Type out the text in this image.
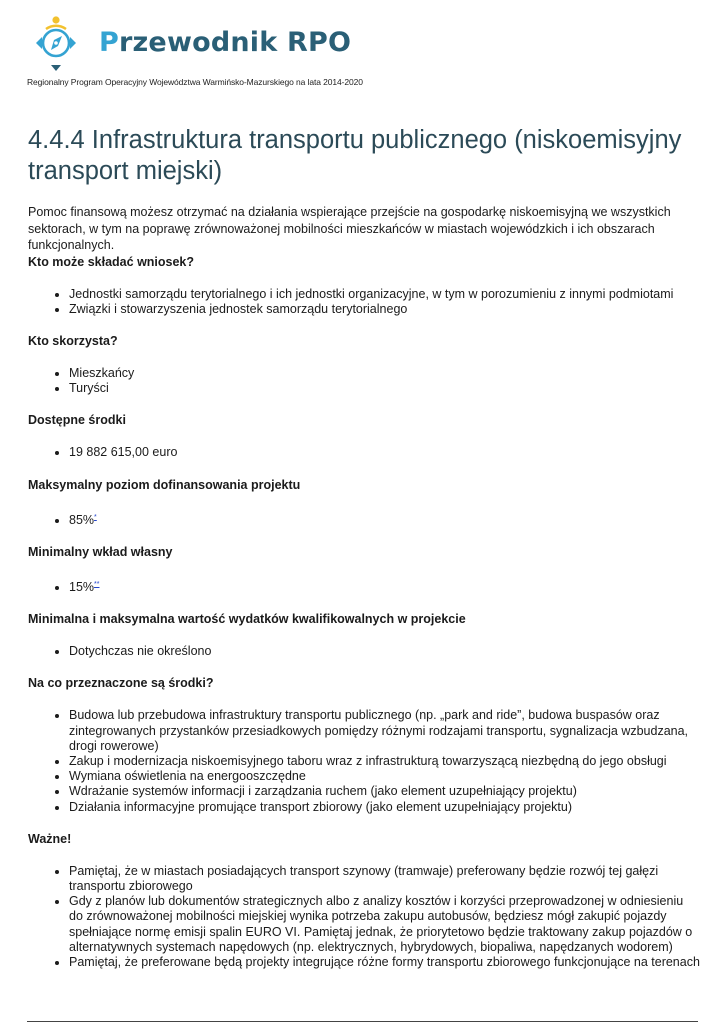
Przewodnik RPO
Regionalny Program Operacyjny Województwa Warmińsko-Mazurskiego na lata 2014-2020
4.4.4 Infrastruktura transportu publicznego (niskoemisyjny transport miejski)

Pomoc finansową możesz otrzymać na działania wspierające przejście na gospodarkę niskoemisyjną we wszystkich sektorach, w tym na poprawę zrównoważonej mobilności mieszkańców w miastach wojewódzkich i ich obszarach funkcjonalnych.

Kto może składać wniosek?
• Jednostki samorządu terytorialnego i ich jednostki organizacyjne, w tym w porozumieniu z innymi podmiotami
• Związki i stowarzyszenia jednostek samorządu terytorialnego
Kto skorzysta?
• Mieszkańcy
• Turyści
Dostępne środki
• 19 882 615,00 euro
Maksymalny poziom dofinansowania projektu
• 85%*
Minimalny wkład własny
• 15%**
Minimalna i maksymalna wartość wydatków kwalifikowalnych w projekcie
• Dotychczas nie określono
Na co przeznaczone są środki?
• Budowa lub przebudowa infrastruktury transportu publicznego (np. „park and ride”, budowa buspasów oraz zintegrowanych przystanków przesiadkowych pomiędzy różnymi rodzajami transportu, sygnalizacja wzbudzana, drogi rowerowe)
• Zakup i modernizacja niskoemisyjnego taboru wraz z infrastrukturą towarzyszącą niezbędną do jego obsługi
• Wymiana oświetlenia na energooszczędne
• Wdrażanie systemów informacji i zarządzania ruchem (jako element uzupełniający projektu)
• Działania informacyjne promujące transport zbiorowy (jako element uzupełniający projektu)
Ważne!
• Pamiętaj, że w miastach posiadających transport szynowy (tramwaje) preferowany będzie rozwój tej gałęzi transportu zbiorowego
• Gdy z planów lub dokumentów strategicznych albo z analizy kosztów i korzyści przeprowadzonej w odniesieniu do zrównoważonej mobilności miejskiej wynika potrzeba zakupu autobusów, będziesz mógł zakupić pojazdy spełniające normę emisji spalin EURO VI. Pamiętaj jednak, że priorytetowo będzie traktowany zakup pojazdów o alternatywnych systemach napędowych (np. elektrycznych, hybrydowych, biopaliwa, napędzanych wodorem)
• Pamiętaj, że preferowane będą projekty integrujące różne formy transportu zbiorowego funkcjonujące na terenach
